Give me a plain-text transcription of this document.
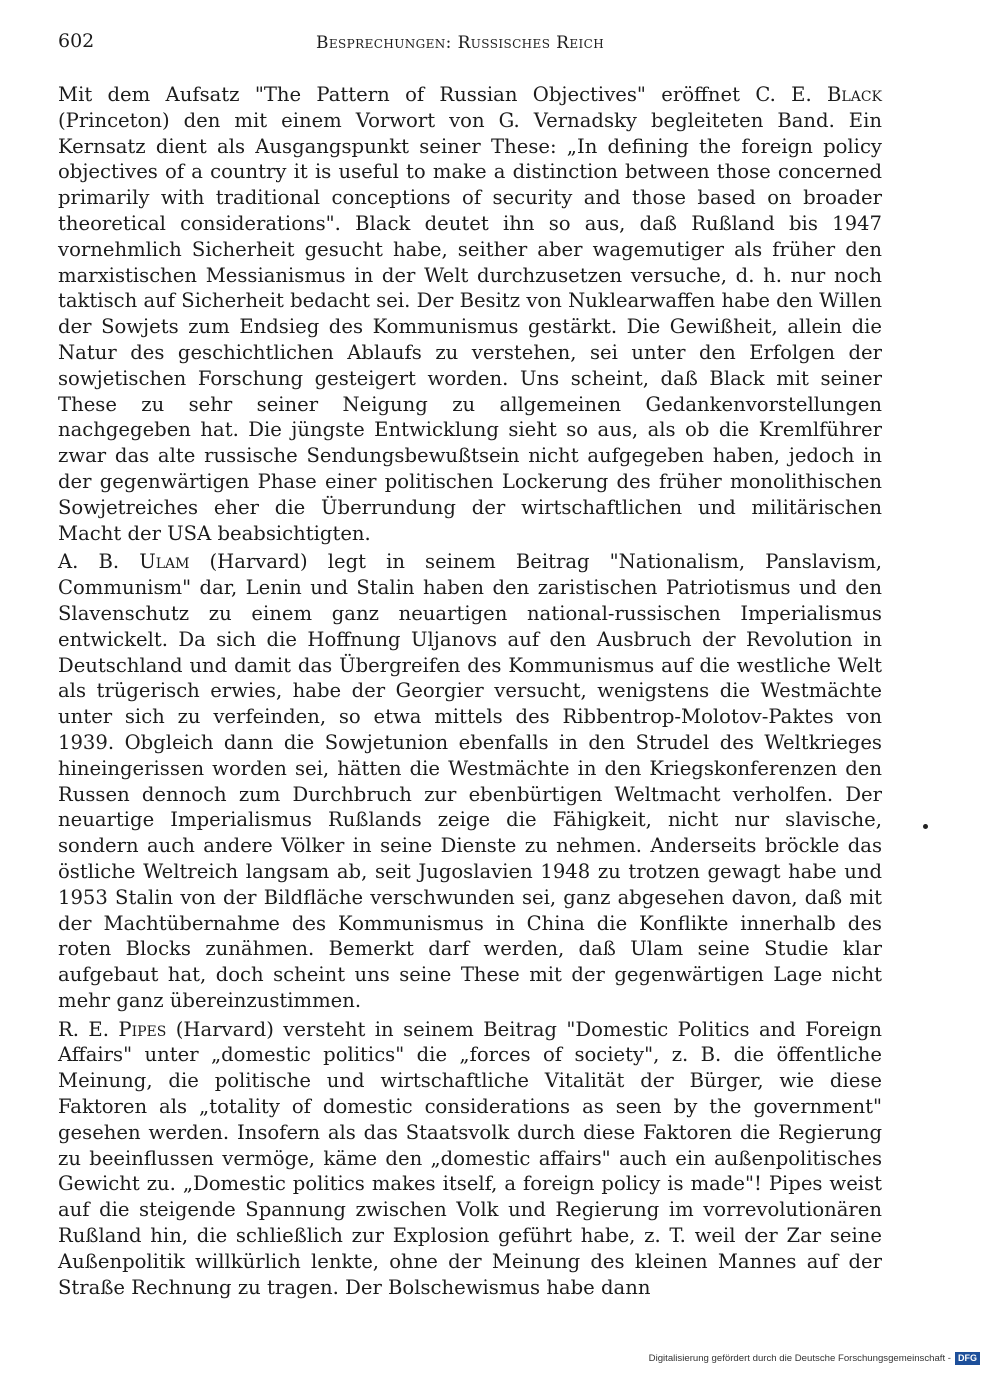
602	Besprechungen: Russisches Reich

Mit dem Aufsatz "The Pattern of Russian Objectives" eröffnet C. E. Black (Princeton) den mit einem Vorwort von G. Vernadsky begleiteten Band. Ein Kernsatz dient als Ausgangspunkt seiner These: „In defining the foreign policy objectives of a country it is useful to make a distinction between those concerned primarily with traditional conceptions of security and those based on broader theoretical considerations". Black deutet ihn so aus, daß Rußland bis 1947 vornehmlich Sicherheit gesucht habe, seither aber wagemutiger als früher den marxistischen Messianismus in der Welt durchzusetzen versuche, d. h. nur noch taktisch auf Sicherheit bedacht sei. Der Besitz von Nuklearwaffen habe den Willen der Sowjets zum Endsieg des Kommunismus gestärkt. Die Gewißheit, allein die Natur des geschichtlichen Ablaufs zu verstehen, sei unter den Erfolgen der sowjetischen Forschung gesteigert worden. Uns scheint, daß Black mit seiner These zu sehr seiner Neigung zu allgemeinen Gedankenvorstellungen nachgegeben hat. Die jüngste Entwicklung sieht so aus, als ob die Kremlführer zwar das alte russische Sendungsbewußtsein nicht aufgegeben haben, jedoch in der gegenwärtigen Phase einer politischen Lockerung des früher monolithischen Sowjetreiches eher die Überrundung der wirtschaftlichen und militärischen Macht der USA beabsichtigten.

A. B. Ulam (Harvard) legt in seinem Beitrag "Nationalism, Panslavism, Communism" dar, Lenin und Stalin haben den zaristischen Patriotismus und den Slavenschutz zu einem ganz neuartigen national-russischen Imperialismus entwickelt. Da sich die Hoffnung Uljanovs auf den Ausbruch der Revolution in Deutschland und damit das Übergreifen des Kommunismus auf die westliche Welt als trügerisch erwies, habe der Georgier versucht, wenigstens die Westmächte unter sich zu verfeinden, so etwa mittels des Ribbentrop-Molotov-Paktes von 1939. Obgleich dann die Sowjetunion ebenfalls in den Strudel des Weltkrieges hineingerissen worden sei, hätten die Westmächte in den Kriegskonferenzen den Russen dennoch zum Durchbruch zur ebenbürtigen Weltmacht verholfen. Der neuartige Imperialismus Rußlands zeige die Fähigkeit, nicht nur slavische, sondern auch andere Völker in seine Dienste zu nehmen. Anderseits bröckle das östliche Weltreich langsam ab, seit Jugoslavien 1948 zu trotzen gewagt habe und 1953 Stalin von der Bildfläche verschwunden sei, ganz abgesehen davon, daß mit der Machtübernahme des Kommunismus in China die Konflikte innerhalb des roten Blocks zunähmen. Bemerkt darf werden, daß Ulam seine Studie klar aufgebaut hat, doch scheint uns seine These mit der gegenwärtigen Lage nicht mehr ganz übereinzustimmen.

R. E. Pipes (Harvard) versteht in seinem Beitrag "Domestic Politics and Foreign Affairs" unter „domestic politics" die „forces of society", z. B. die öffentliche Meinung, die politische und wirtschaftliche Vitalität der Bürger, wie diese Faktoren als „totality of domestic considerations as seen by the government" gesehen werden. Insofern als das Staatsvolk durch diese Faktoren die Regierung zu beeinflussen vermöge, käme den „domestic affairs" auch ein außenpolitisches Gewicht zu. „Domestic politics makes itself, a foreign policy is made"! Pipes weist auf die steigende Spannung zwischen Volk und Regierung im vorrevolutionären Rußland hin, die schließlich zur Explosion geführt habe, z. T. weil der Zar seine Außenpolitik willkürlich lenkte, ohne der Meinung des kleinen Mannes auf der Straße Rechnung zu tragen. Der Bolschewismus habe dann

Digitalisierung gefördert durch die Deutsche Forschungsgemeinschaft - DFG
